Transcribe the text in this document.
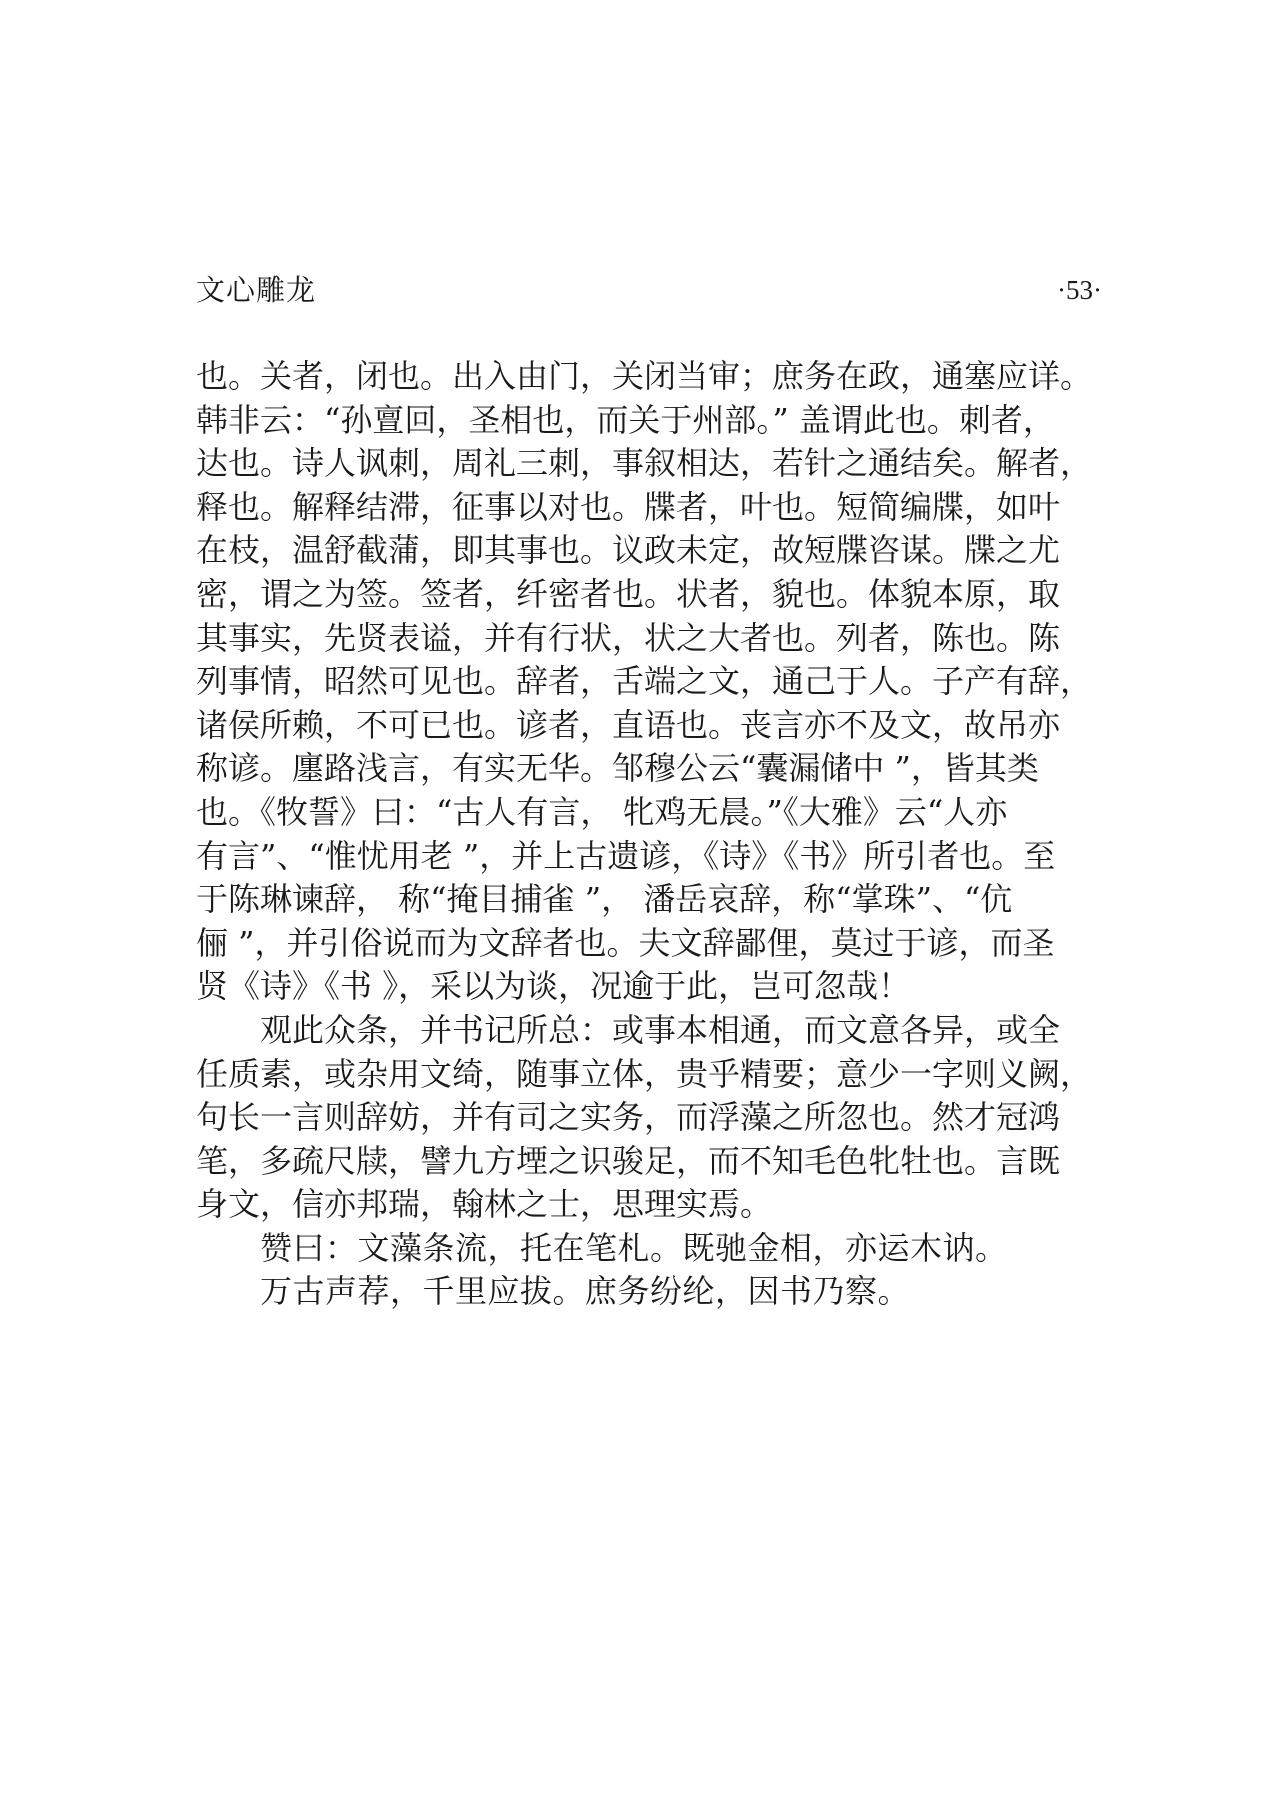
文心雕龙	·53·
也。关者，闭也。出入由门，关闭当审；庶务在政，通塞应详。
韩非云：“孙亶回，圣相也，而关于州部。” 盖谓此也。刺者，
达也。诗人讽刺，周礼三刺，事叙相达，若针之通结矣。解者，
释也。解释结滞，征事以对也。牒者，叶也。短简编牒，如叶
在枝，温舒截蒲，即其事也。议政未定，故短牒咨谋。牒之尤
密，谓之为签。签者，纤密者也。状者，貌也。体貌本原，取
其事实，先贤表谥，并有行状，状之大者也。列者，陈也。陈
列事情，昭然可见也。辞者，舌端之文，通己于人。子产有辞，
诸侯所赖，不可已也。谚者，直语也。丧言亦不及文，故吊亦
称谚。廛路浅言，有实无华。邹穆公云“囊漏储中 ”，皆其类
也。《牧誓》曰：“古人有言， 牝鸡无晨。”《大雅》云“人亦
有言”、“惟忧用老 ”，并上古遗谚，《诗》《书》所引者也。至
于陈琳谏辞， 称“掩目捕雀 ”， 潘岳哀辞，称“掌珠”、“伉
俪 ”，并引俗说而为文辞者也。夫文辞鄙俚，莫过于谚，而圣
贤《诗》《书 》，采以为谈，况逾于此，岂可忽哉！
观此众条，并书记所总：或事本相通，而文意各异，或全
任质素，或杂用文绮，随事立体，贵乎精要；意少一字则义阙，
句长一言则辞妨，并有司之实务，而浮藻之所忽也。然才冠鸿
笔，多疏尺牍，譬九方堙之识骏足，而不知毛色牝牡也。言既
身文，信亦邦瑞，翰林之士，思理实焉。
赞曰：文藻条流，托在笔札。既驰金相，亦运木讷。
万古声荐，千里应拔。庶务纷纶，因书乃察。
